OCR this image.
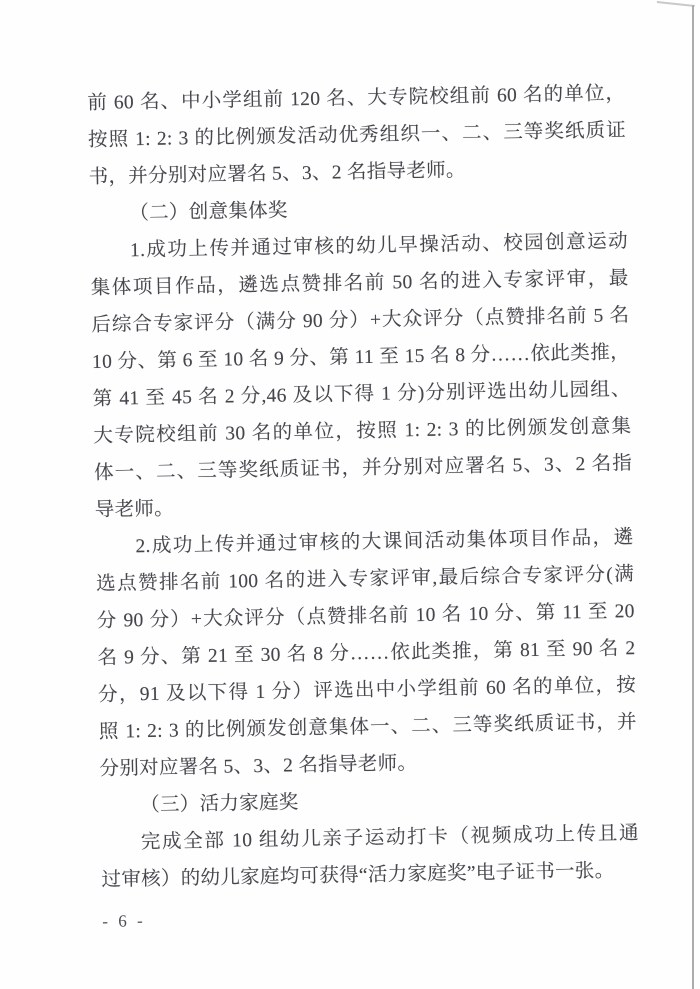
前 60 名、中小学组前 120 名、大专院校组前 60 名的单位，
按照 1: 2: 3 的比例颁发活动优秀组织一、二、三等奖纸质证
书，并分别对应署名 5、3、2 名指导老师。
（二）创意集体奖
1.成功上传并通过审核的幼儿早操活动、校园创意运动
集体项目作品，遴选点赞排名前 50 名的进入专家评审，最
后综合专家评分（满分 90 分）+大众评分（点赞排名前 5 名
10 分、第 6 至 10 名 9 分、第 11 至 15 名 8 分……依此类推，
第 41 至 45 名 2 分,46 及以下得 1 分)分别评选出幼儿园组、
大专院校组前 30 名的单位，按照 1: 2: 3 的比例颁发创意集
体一、二、三等奖纸质证书，并分别对应署名 5、3、2 名指
导老师。
2.成功上传并通过审核的大课间活动集体项目作品，遴
选点赞排名前 100 名的进入专家评审,最后综合专家评分(满
分 90 分）+大众评分（点赞排名前 10 名 10 分、第 11 至 20
名 9 分、第 21 至 30 名 8 分……依此类推，第 81 至 90 名 2
分，91 及以下得 1 分）评选出中小学组前 60 名的单位，按
照 1: 2: 3 的比例颁发创意集体一、二、三等奖纸质证书，并
分别对应署名 5、3、2 名指导老师。
（三）活力家庭奖
完成全部 10 组幼儿亲子运动打卡（视频成功上传且通
过审核）的幼儿家庭均可获得“活力家庭奖”电子证书一张。
- 6 -
